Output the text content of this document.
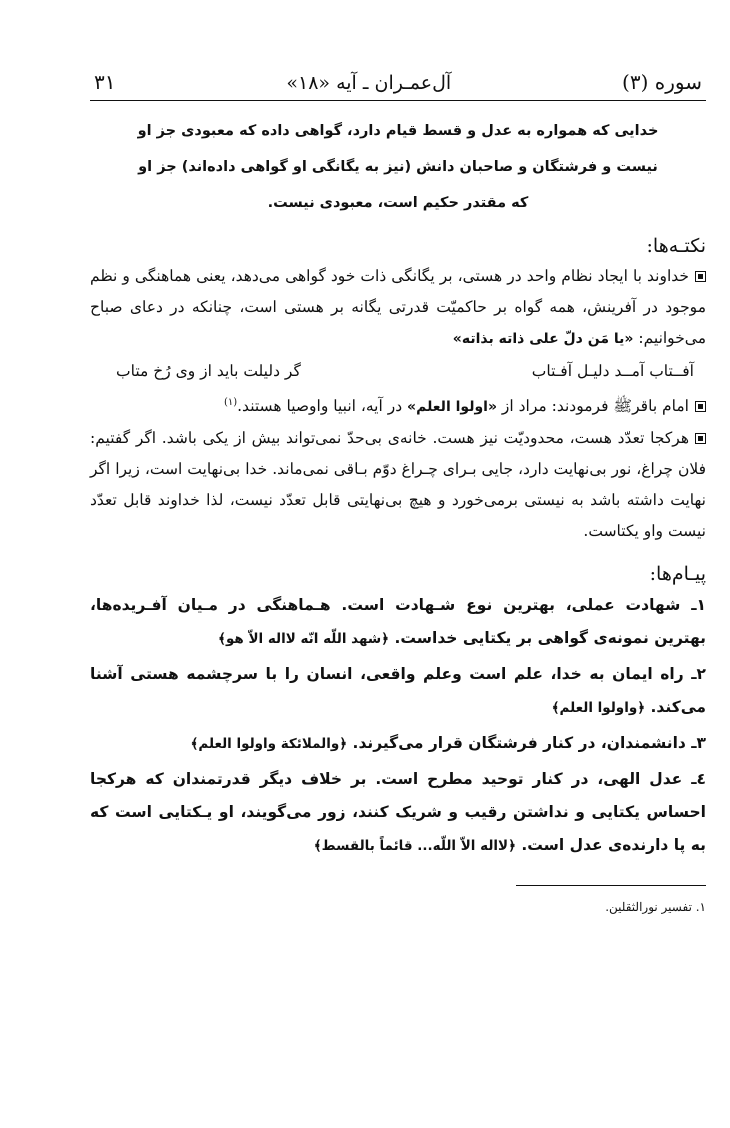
سوره (۳)
آل‌عمـران ـ آیه «۱۸»
۳۱
خدایی که همواره به عدل و قسط قیام دارد، گواهی داده که معبودی جز او
نیست و فرشتگان و صاحبان دانش (نیز به یگانگی او گواهی داده‌اند) جز او
که مقتدر حکیم است، معبودی نیست.
نکتـه‌ها:

خداوند با ایجاد نظام واحد در هستی، بر یگانگی ذات خود گواهی می‌دهد، یعنی هماهنگی و نظم موجود در آفرینش، همه گواه بر حاکمیّت قدرتی یگانه بر هستی است، چنانکه در دعای صباح می‌خوانیم: «یا مَن دلّ علی ذاته بذاته»

آفــتاب آمــد دلیـل آفـتاب
گر دلیلت باید از وی رُخ متاب

امام باقرﷺ فرمودند: مراد از «اولوا العلم» در آیه، انبیا واوصیا هستند.$^{(۱)}$

هرکجا تعدّد هست، محدودیّت نیز هست. خانه‌ی بی‌حدّ نمی‌تواند بیش از یکی باشد. اگر گفتیم: فلان چراغ، نور بی‌نهایت دارد، جایی بـرای چـراغ دوّم بـاقی نمی‌ماند. خدا بی‌نهایت است، زیرا اگر نهایت داشته باشد به نیستی برمی‌خورد و هیچ بی‌نهایتی قابل تعدّد نیست، لذا خداوند قابل تعدّد نیست واو یکتاست.

پیـام‌ها:

۱ـ شهادت عملی، بهترین نوع شـهادت است. هـماهنگی در مـیان آفـریده‌ها، بهترین نمونه‌ی گواهی بر یکتایی خداست. ﴿شهد اللّه انّه لااله الاّ هو﴾

۲ـ راه ایمان به خدا، علم است وعلم واقعی، انسان را با سرچشمه هستی آشنا می‌کند. ﴿واولوا العلم﴾

۳ـ دانشمندان، در کنار فرشتگان قرار می‌گیرند. ﴿والملائکة واولوا العلم﴾

٤ـ عدل الهی، در کنار توحید مطرح است. بر خلاف دیگر قدرتمندان که هرکجا احساس یکتایی و نداشتن رقیب و شریک کنند، زور می‌گویند، او یـکتایی است که به پا دارنده‌ی عدل است. ﴿لااله الاّ اللّه... قائماً بالقسط﴾

۱. تفسیر نورالثقلین.
